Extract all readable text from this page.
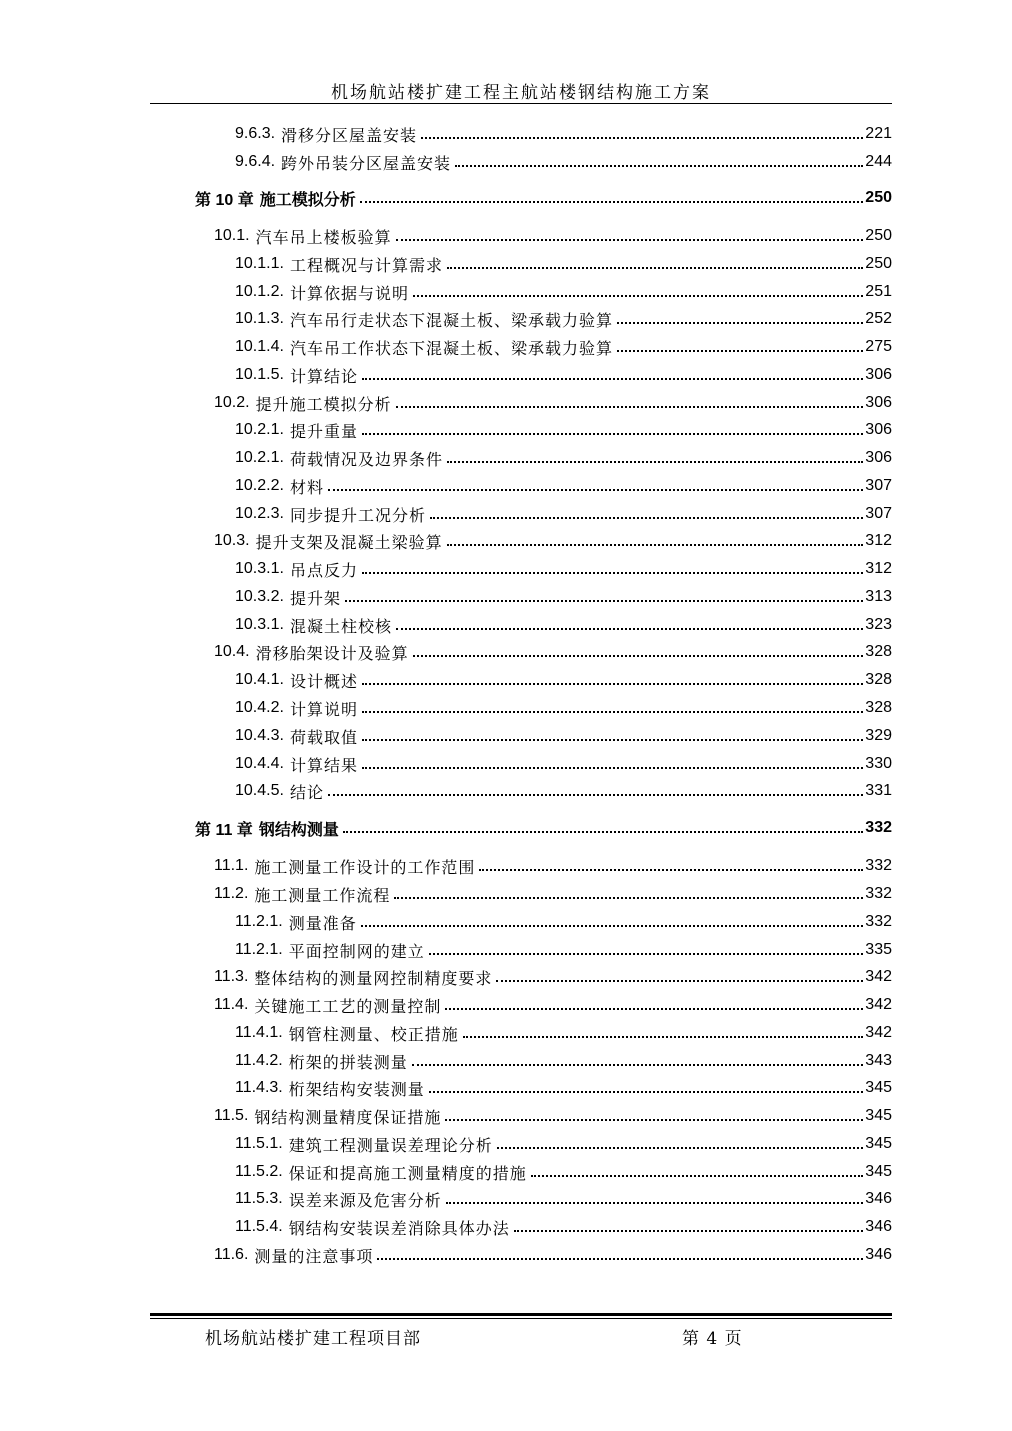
机场航站楼扩建工程主航站楼钢结构施工方案
9.6.3. 滑移分区屋盖安装	221
9.6.4. 跨外吊装分区屋盖安装	244
第 10 章 施工模拟分析	250
10.1. 汽车吊上楼板验算	250
10.1.1. 工程概况与计算需求	250
10.1.2. 计算依据与说明	251
10.1.3. 汽车吊行走状态下混凝土板、梁承载力验算	252
10.1.4. 汽车吊工作状态下混凝土板、梁承载力验算	275
10.1.5. 计算结论	306
10.2. 提升施工模拟分析	306
10.2.1. 提升重量	306
10.2.1. 荷载情况及边界条件	306
10.2.2. 材料	307
10.2.3. 同步提升工况分析	307
10.3. 提升支架及混凝土梁验算	312
10.3.1. 吊点反力	312
10.3.2. 提升架	313
10.3.1. 混凝土柱校核	323
10.4. 滑移胎架设计及验算	328
10.4.1. 设计概述	328
10.4.2. 计算说明	328
10.4.3. 荷载取值	329
10.4.4. 计算结果	330
10.4.5. 结论	331
第 11 章 钢结构测量	332
11.1. 施工测量工作设计的工作范围	332
11.2. 施工测量工作流程	332
11.2.1. 测量准备	332
11.2.1. 平面控制网的建立	335
11.3. 整体结构的测量网控制精度要求	342
11.4. 关键施工工艺的测量控制	342
11.4.1. 钢管柱测量、校正措施	342
11.4.2. 桁架的拼装测量	343
11.4.3. 桁架结构安装测量	345
11.5. 钢结构测量精度保证措施	345
11.5.1. 建筑工程测量误差理论分析	345
11.5.2. 保证和提高施工测量精度的措施	345
11.5.3. 误差来源及危害分析	346
11.5.4. 钢结构安装误差消除具体办法	346
11.6. 测量的注意事项	346
机场航站楼扩建工程项目部	第 4 页
